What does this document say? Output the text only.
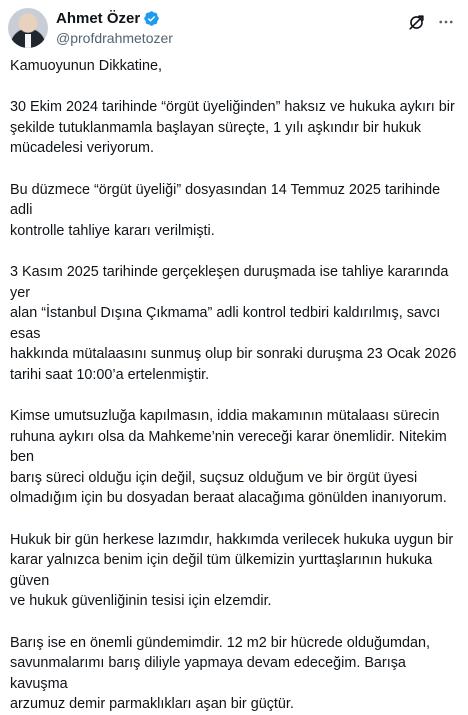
Ahmet Özer
@profdrahmetozer

Kamuoyunun Dikkatine,

30 Ekim 2024 tarihinde “örgüt üyeliğinden” haksız ve hukuka aykırı bir
şekilde tutuklanmamla başlayan süreçte, 1 yılı aşkındır bir hukuk
mücadelesi veriyorum.

Bu düzmece “örgüt üyeliği” dosyasından 14 Temmuz 2025 tarihinde adli
kontrolle tahliye kararı verilmişti.

3 Kasım 2025 tarihinde gerçekleşen duruşmada ise tahliye kararında yer
alan “İstanbul Dışına Çıkmama” adli kontrol tedbiri kaldırılmış, savcı esas
hakkında mütalaasını sunmuş olup bir sonraki duruşma 23 Ocak 2026
tarihi saat 10:00’a ertelenmiştir.

Kimse umutsuzluğa kapılmasın, iddia makamının mütalaası sürecin
ruhuna aykırı olsa da Mahkeme’nin vereceği karar önemlidir. Nitekim ben
barış süreci olduğu için değil, suçsuz olduğum ve bir örgüt üyesi
olmadığım için bu dosyadan beraat alacağıma gönülden inanıyorum.

Hukuk bir gün herkese lazımdır, hakkımda verilecek hukuka uygun bir
karar yalnızca benim için değil tüm ülkemizin yurttaşlarının hukuka güven
ve hukuk güvenliğinin tesisi için elzemdir.

Barış ise en önemli gündemimdir. 12 m2 bir hücrede olduğumdan,
savunmalarımı barış diliyle yapmaya devam edeceğim. Barışa kavuşma
arzumuz demir parmaklıkları aşan bir güçtür.
